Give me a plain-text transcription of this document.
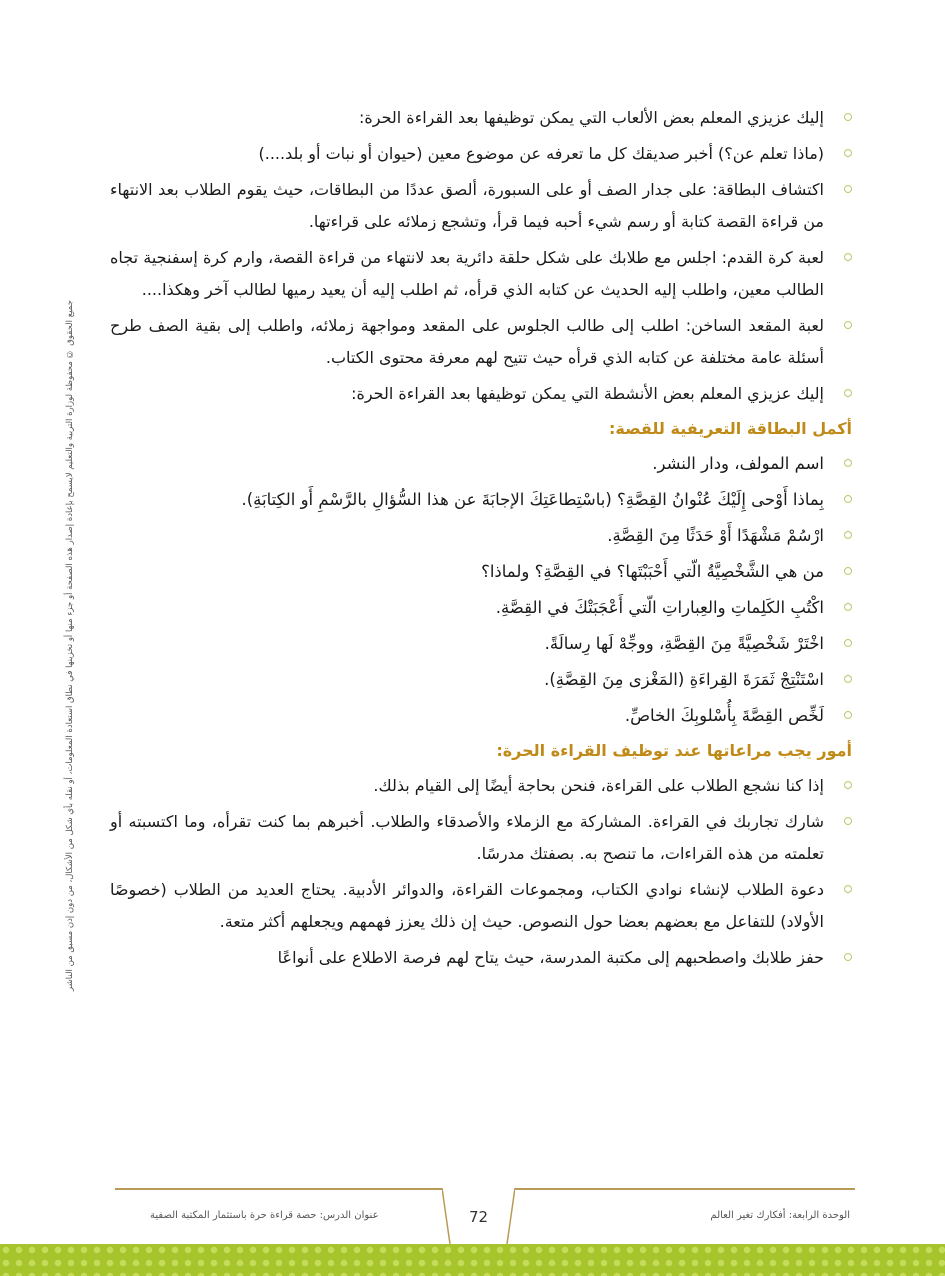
جميع الحقوق © محفوظة لوزارة التربية والتعليم لايسمح بإعادة إصدار هذه الصفحة أو جزء منها أو تخزينها في نطاق استعادة المعلومات، أو نقله بأي شكل من الأشكال، من دون إذن مسبق من الناشر
إليك عزيزي المعلم بعض الألعاب التي يمكن توظيفها بعد القراءة الحرة:
(ماذا تعلم عن؟) أخبر صديقك كل ما تعرفه عن موضوع معين (حيوان أو نبات أو بلد....)
اكتشاف البطاقة: على جدار الصف أو على السبورة، ألصق عددًا من البطاقات، حيث يقوم الطلاب بعد الانتهاء من قراءة القصة كتابة أو رسم شيء أحبه فيما قرأ، وتشجع زملائه على قراءتها.
لعبة كرة القدم: اجلس مع طلابك على شكل حلقة دائرية بعد لانتهاء من قراءة القصة، وارم كرة إسفنجية تجاه الطالب معين، واطلب إليه الحديث عن كتابه الذي قرأه، ثم اطلب إليه أن يعيد رميها لطالب آخر وهكذا....
لعبة المقعد الساخن: اطلب إلى طالب الجلوس على المقعد ومواجهة زملائه، واطلب إلى بقية الصف طرح أسئلة عامة مختلفة عن كتابه الذي قرأه حيث تتيح لهم معرفة محتوى الكتاب.
إليك عزيزي المعلم بعض الأنشطة التي يمكن توظيفها بعد القراءة الحرة:
أكمل البطاقة التعريفية للقصة:
اسم المولف، ودار النشر.
بِماذا أَوْحى إِلَيْكَ عُنْوانُ القِصَّةِ؟ (باسْتِطاعَتِكَ الإجابَةَ عن هذا السُّؤالِ بالرَّسْمِ أَو الكِتابَةِ).
ارْسُمْ مَشْهَدًا أَوْ حَدَثًا مِنَ القِصَّةِ.
من هي الشَّخْصِيَّةُ الّتي أَحْبَبْتَها؟ في القِصَّةِ؟ ولماذا؟
اكْتُبِ الكَلِماتِ والعِباراتِ الّتي أَعْجَبَتْكَ في القِصَّةِ.
اخْتَرْ شَخْصِيَّةً مِنَ القِصَّةِ، ووجِّهْ لَها رِسالَةً.
اسْتَنْتِجْ ثَمَرَةَ القِراءَةِ (المَغْزى مِنَ القِصَّةِ).
لَخِّص القِصَّةَ بِأُسْلوبِكَ الخاصِّ.
أمور يجب مراعاتها عند توظيف القراءة الحرة:
إذا كنا نشجع الطلاب على القراءة، فنحن بحاجة أيضًا إلى القيام بذلك.
شارك تجاربك في القراءة. المشاركة مع الزملاء والأصدقاء والطلاب. أخبرهم بما كنت تقرأه، وما اكتسبته أو تعلمته من هذه القراءات، ما تنصح به. بصفتك مدرسًا.
دعوة الطلاب لإنشاء نوادي الكتاب، ومجموعات القراءة، والدوائر الأدبية. يحتاج العديد من الطلاب (خصوصًا الأولاد) للتفاعل مع بعضهم بعضا حول النصوص. حيث إن ذلك يعزز فهمهم ويجعلهم أكثر متعة.
حفز طلابك واصطحبهم إلى مكتبة المدرسة، حيث يتاح لهم فرصة الاطلاع على أنواعًا
72
عنوان الدرس: حصة قراءة حرة باستثمار المكتبة الصفية	الوحدة الرابعة: أفكارك تغير العالم
